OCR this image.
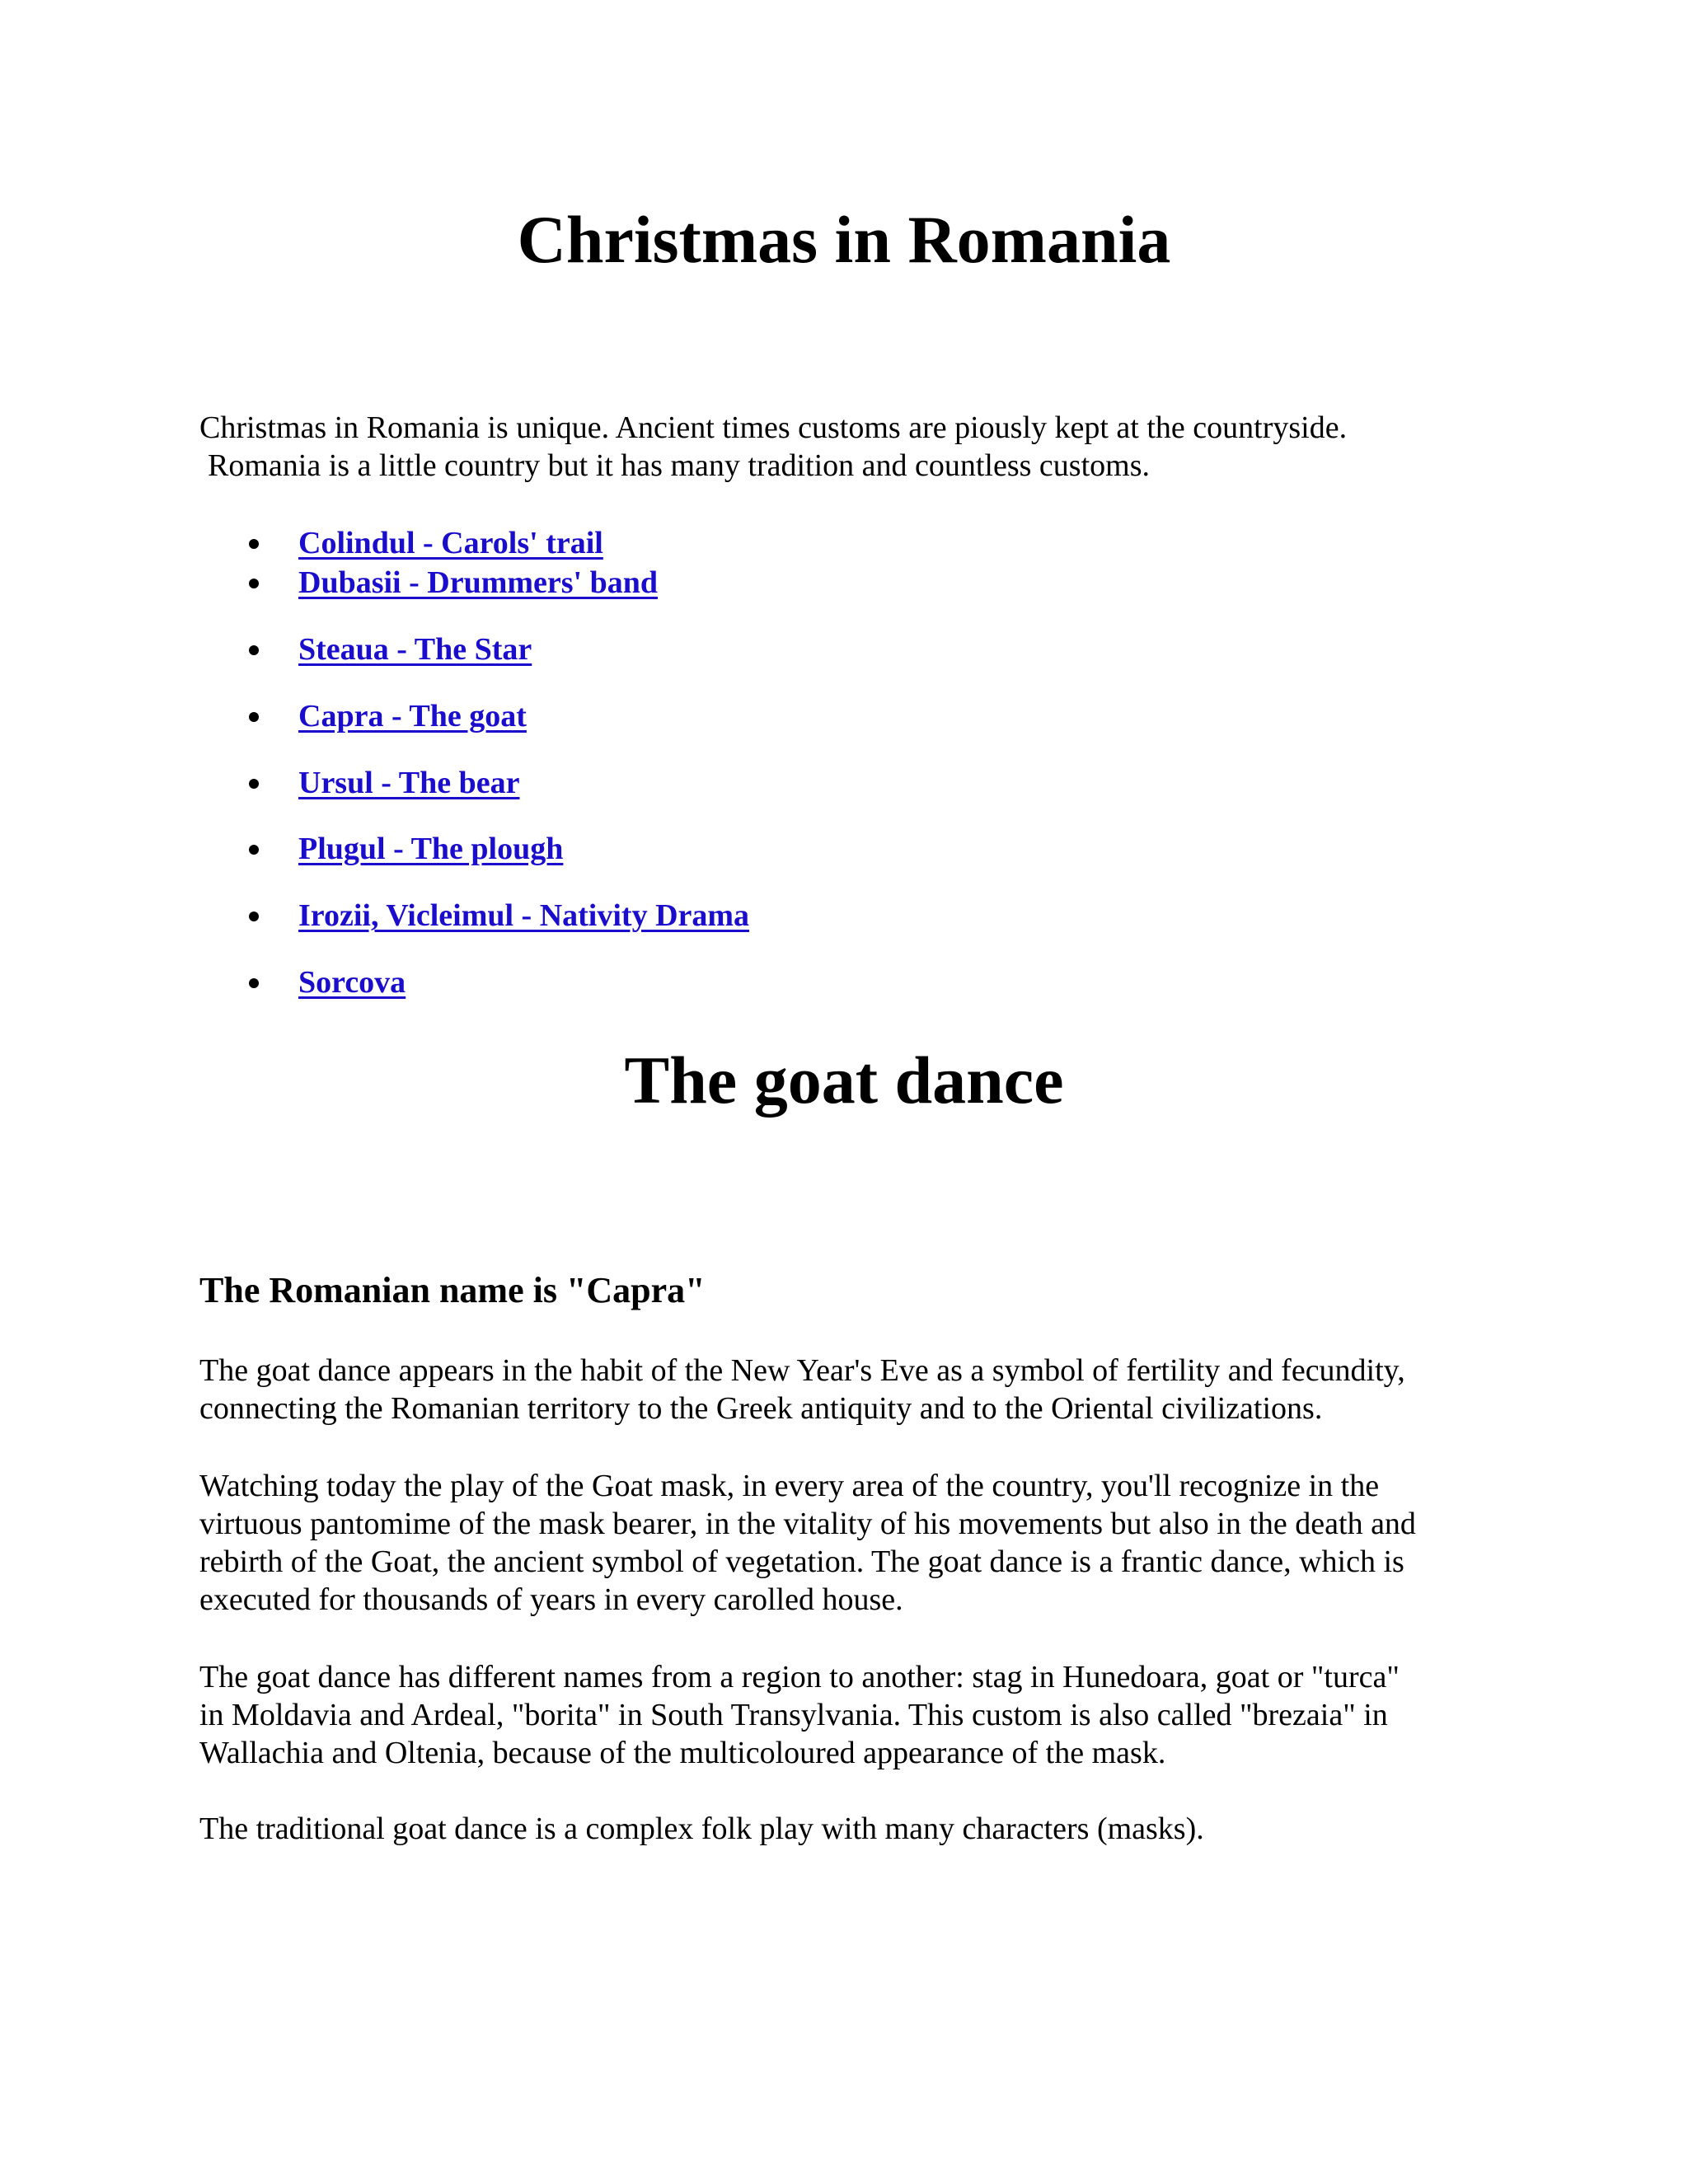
Christmas in Romania

Christmas in Romania is unique. Ancient times customs are piously kept at the countryside.
Romania is a little country but it has many tradition and countless customs.

Colindul - Carols' trail
Dubasii - Drummers' band
Steaua - The Star
Capra - The goat
Ursul - The bear
Plugul - The plough
Irozii, Vicleimul - Nativity Drama
Sorcova
The goat dance
The Romanian name is "Capra"

The goat dance appears in the habit of the New Year's Eve as a symbol of fertility and fecundity,
connecting the Romanian territory to the Greek antiquity and to the Oriental civilizations.

Watching today the play of the Goat mask, in every area of the country, you'll recognize in the
virtuous pantomime of the mask bearer, in the vitality of his movements but also in the death and
rebirth of the Goat, the ancient symbol of vegetation. The goat dance is a frantic dance, which is
executed for thousands of years in every carolled house.

The goat dance has different names from a region to another: stag in Hunedoara, goat or "turca"
in Moldavia and Ardeal, "borita" in South Transylvania. This custom is also called "brezaia" in
Wallachia and Oltenia, because of the multicoloured appearance of the mask.

The traditional goat dance is a complex folk play with many characters (masks).
